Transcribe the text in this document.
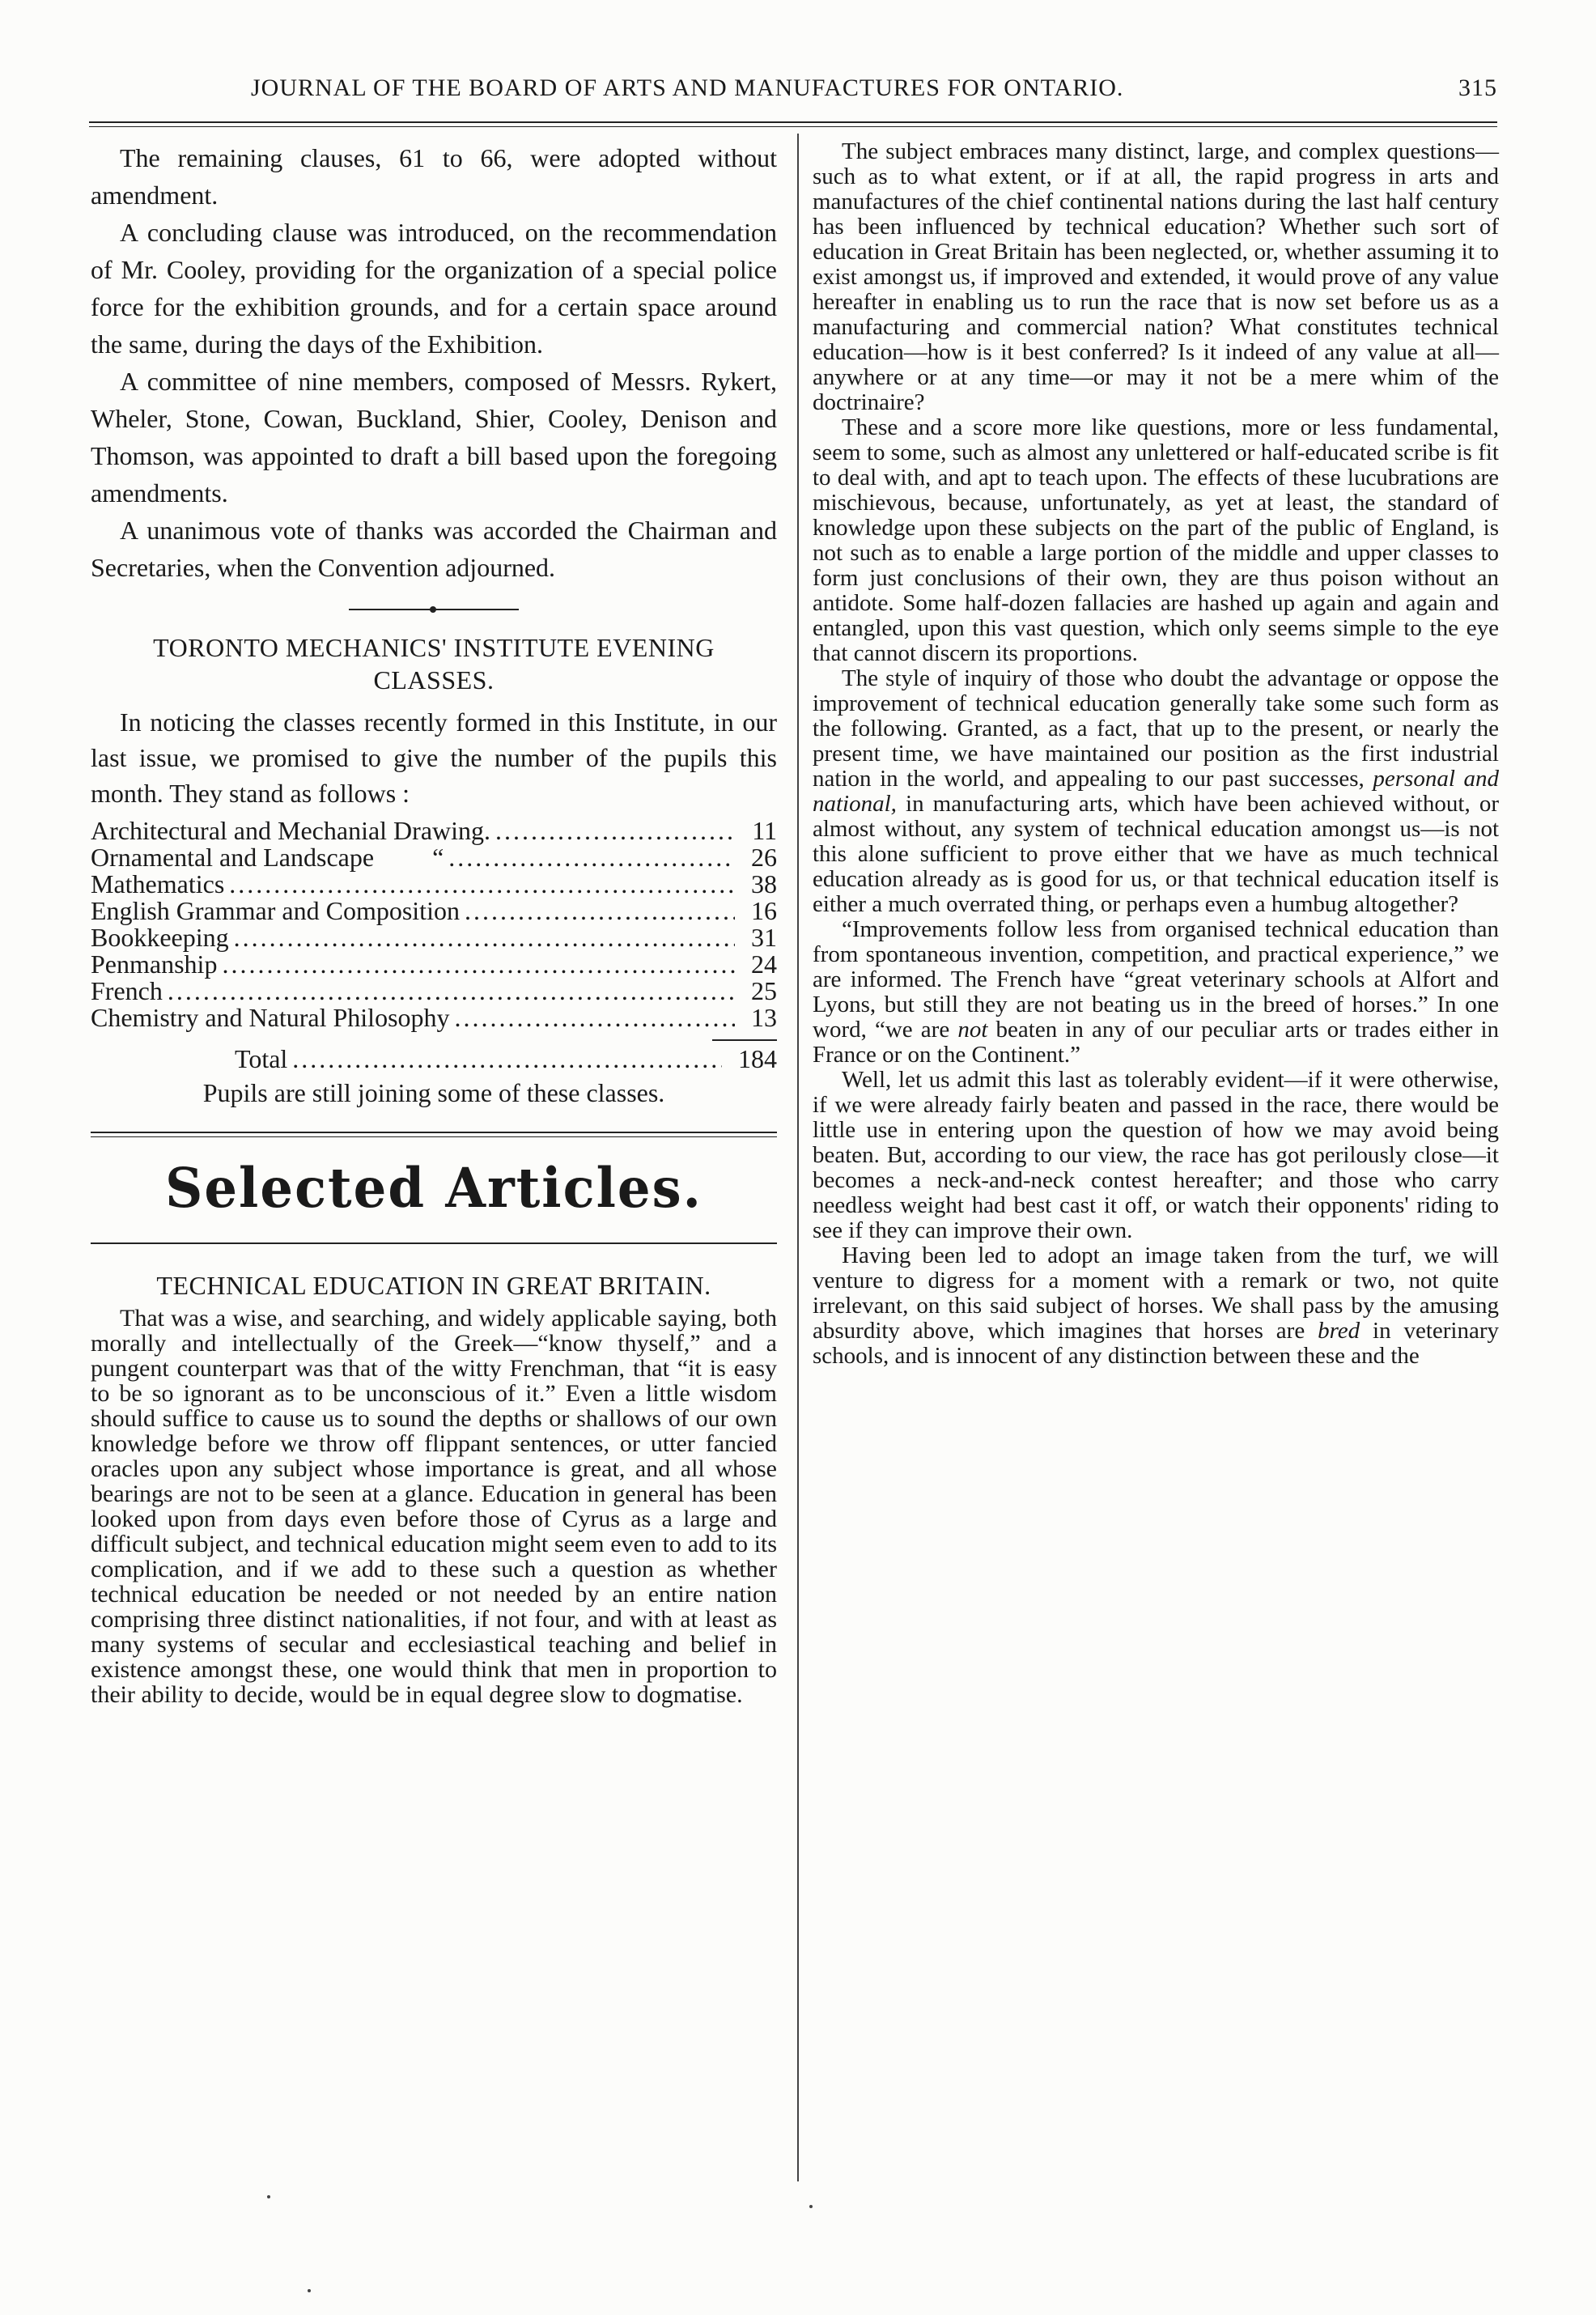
JOURNAL OF THE BOARD OF ARTS AND MANUFACTURES FOR ONTARIO.	315

The remaining clauses, 61 to 66, were adopted without amendment.

A concluding clause was introduced, on the recommendation of Mr. Cooley, providing for the organization of a special police force for the exhibition grounds, and for a certain space around the same, during the days of the Exhibition.

A committee of nine members, composed of Messrs. Rykert, Wheler, Stone, Cowan, Buckland, Shier, Cooley, Denison and Thomson, was appointed to draft a bill based upon the foregoing amendments.

A unanimous vote of thanks was accorded the Chairman and Secretaries, when the Convention adjourned.

TORONTO MECHANICS' INSTITUTE EVENING CLASSES.

In noticing the classes recently formed in this Institute, in our last issue, we promised to give the number of the pupils this month. They stand as follows :

Architectural and Mechanial Drawing. .....	11
Ornamental and Landscape         “ .....	26
Mathematics .....	38
English Grammar and Composition .....	16
Bookkeeping .....	31
Penmanship .....	24
French .....	25
Chemistry and Natural Philosophy .....	13
Total .....	184
Pupils are still joining some of these classes.
Selected Articles.
TECHNICAL EDUCATION IN GREAT BRITAIN.

That was a wise, and searching, and widely applicable saying, both morally and intellectually of the Greek—“know thyself,” and a pungent counterpart was that of the witty Frenchman, that “it is easy to be so ignorant as to be unconscious of it.” Even a little wisdom should suffice to cause us to sound the depths or shallows of our own knowledge before we throw off flippant sentences, or utter fancied oracles upon any subject whose importance is great, and all whose bearings are not to be seen at a glance. Education in general has been looked upon from days even before those of Cyrus as a large and difficult subject, and technical education might seem even to add to its complication, and if we add to these such a question as whether technical education be needed or not needed by an entire nation comprising three distinct nationalities, if not four, and with at least as many systems of secular and ecclesiastical teaching and belief in existence amongst these, one would think that men in proportion to their ability to decide, would be in equal degree slow to dogmatise.

The subject embraces many distinct, large, and complex questions—such as to what extent, or if at all, the rapid progress in arts and manufactures of the chief continental nations during the last half century has been influenced by technical education? Whether such sort of education in Great Britain has been neglected, or, whether assuming it to exist amongst us, if improved and extended, it would prove of any value hereafter in enabling us to run the race that is now set before us as a manufacturing and commercial nation? What constitutes technical education—how is it best conferred? Is it indeed of any value at all—anywhere or at any time—or may it not be a mere whim of the doctrinaire?

These and a score more like questions, more or less fundamental, seem to some, such as almost any unlettered or half-educated scribe is fit to deal with, and apt to teach upon. The effects of these lucubrations are mischievous, because, unfortunately, as yet at least, the standard of knowledge upon these subjects on the part of the public of England, is not such as to enable a large portion of the middle and upper classes to form just conclusions of their own, they are thus poison without an antidote. Some half-dozen fallacies are hashed up again and again and entangled, upon this vast question, which only seems simple to the eye that cannot discern its proportions.

The style of inquiry of those who doubt the advantage or oppose the improvement of technical education generally take some such form as the following. Granted, as a fact, that up to the present, or nearly the present time, we have maintained our position as the first industrial nation in the world, and appealing to our past successes, personal and national, in manufacturing arts, which have been achieved without, or almost without, any system of technical education amongst us—is not this alone sufficient to prove either that we have as much technical education already as is good for us, or that technical education itself is either a much overrated thing, or perhaps even a humbug altogether?

“Improvements follow less from organised technical education than from spontaneous invention, competition, and practical experience,” we are informed. The French have “great veterinary schools at Alfort and Lyons, but still they are not beating us in the breed of horses.” In one word, “we are not beaten in any of our peculiar arts or trades either in France or on the Continent.”

Well, let us admit this last as tolerably evident—if it were otherwise, if we were already fairly beaten and passed in the race, there would be little use in entering upon the question of how we may avoid being beaten. But, according to our view, the race has got perilously close—it becomes a neck-and-neck contest hereafter; and those who carry needless weight had best cast it off, or watch their opponents' riding to see if they can improve their own.

Having been led to adopt an image taken from the turf, we will venture to digress for a moment with a remark or two, not quite irrelevant, on this said subject of horses. We shall pass by the amusing absurdity above, which imagines that horses are bred in veterinary schools, and is innocent of any distinction between these and the
